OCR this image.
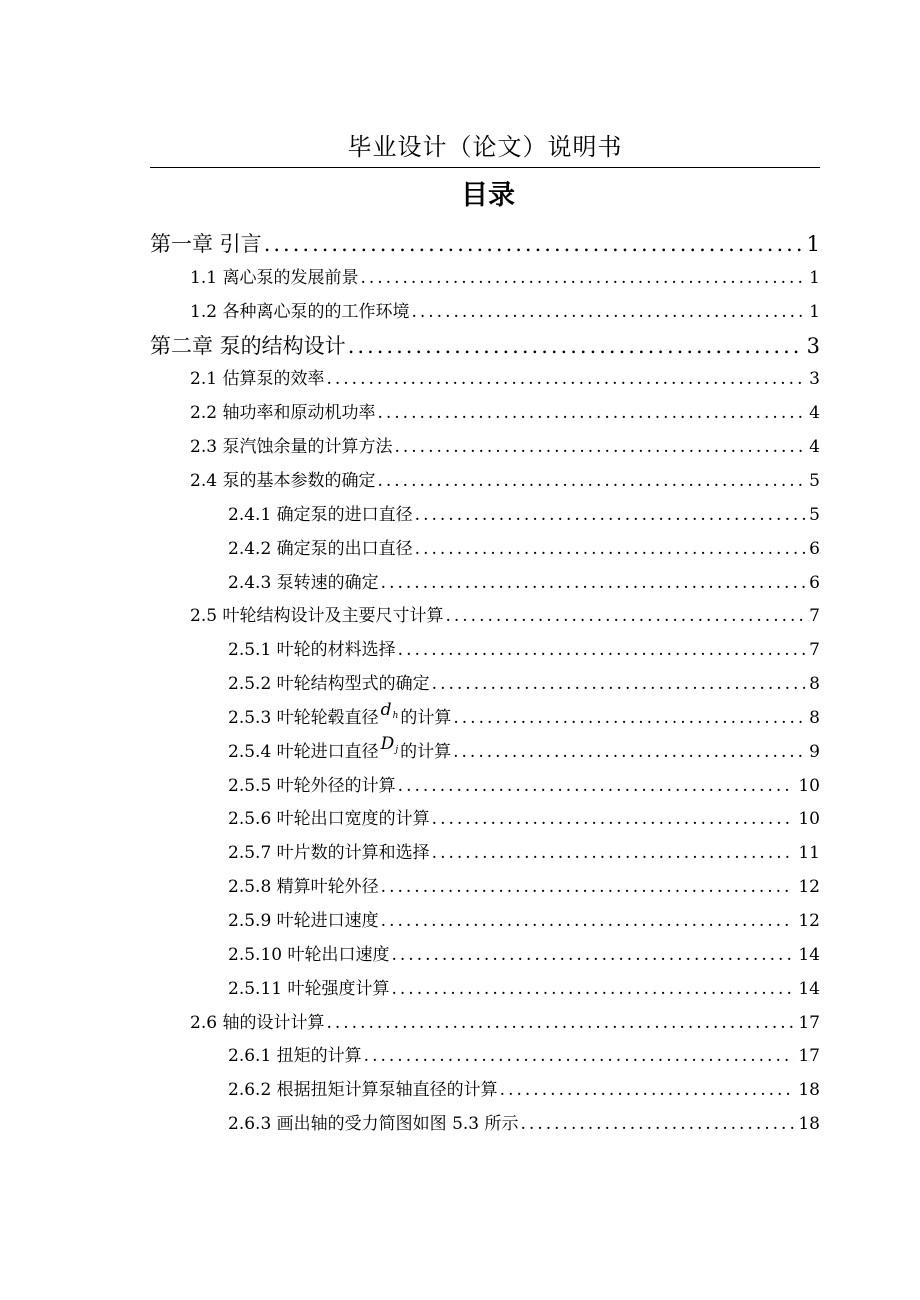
毕业设计（论文）说明书
目录
第一章 引言 .....	1
1.1 离心泵的发展前景 .....	1
1.2 各种离心泵的的工作环境 .....	1
第二章 泵的结构设计 .....	3
2.1 估算泵的效率 .....	3
2.2 轴功率和原动机功率 .....	4
2.3 泵汽蚀余量的计算方法 .....	4
2.4 泵的基本参数的确定 .....	5
2.4.1 确定泵的进口直径 .....	5
2.4.2 确定泵的出口直径 .....	6
2.4.3 泵转速的确定 .....	6
2.5 叶轮结构设计及主要尺寸计算 .....	7
2.5.1 叶轮的材料选择 .....	7
2.5.2 叶轮结构型式的确定 .....	8
2.5.3 叶轮轮毂直径 dh 的计算 .....	8
2.5.4 叶轮进口直径 Dj 的计算 .....	9
2.5.5 叶轮外径的计算 .....	10
2.5.6 叶轮出口宽度的计算 .....	10
2.5.7 叶片数的计算和选择 .....	11
2.5.8 精算叶轮外径 .....	12
2.5.9 叶轮进口速度 .....	12
2.5.10 叶轮出口速度 .....	14
2.5.11 叶轮强度计算 .....	14
2.6 轴的设计计算 .....	17
2.6.1 扭矩的计算 .....	17
2.6.2 根据扭矩计算泵轴直径的计算 .....	18
2.6.3 画出轴的受力简图如图 5.3 所示 .....	18
